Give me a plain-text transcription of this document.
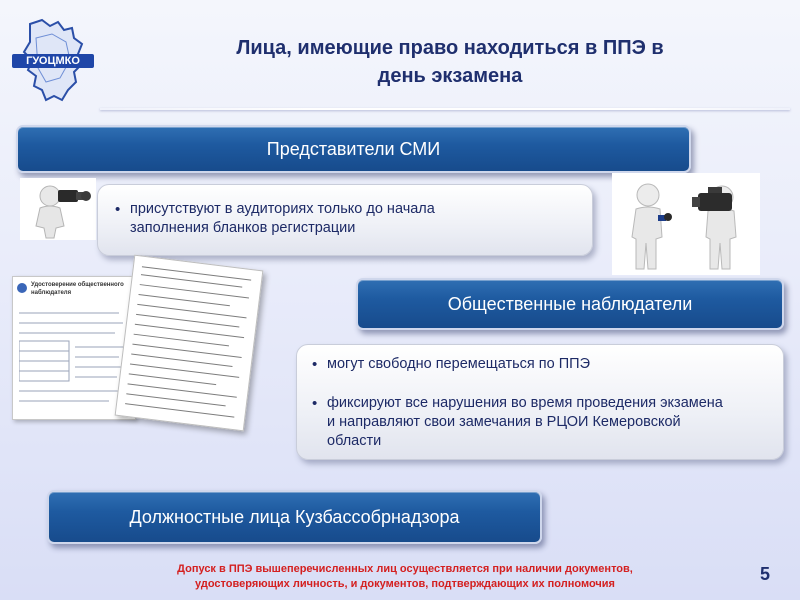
ГУОЦМКО
Лица, имеющие право находиться в ППЭ в
день экзамена
Представители СМИ
• присутствуют в аудиториях только до начала заполнения бланков регистрации
Удостоверение общественного наблюдателя
Общественные наблюдатели
• могут свободно перемещаться по ППЭ
• фиксируют все нарушения во время проведения экзамена и направляют свои замечания в РЦОИ Кемеровской области
Должностные лица Кузбассобрнадзора
Допуск в ППЭ вышеперечисленных лиц осуществляется при наличии документов,
удостоверяющих личность, и документов, подтверждающих их полномочия	5
